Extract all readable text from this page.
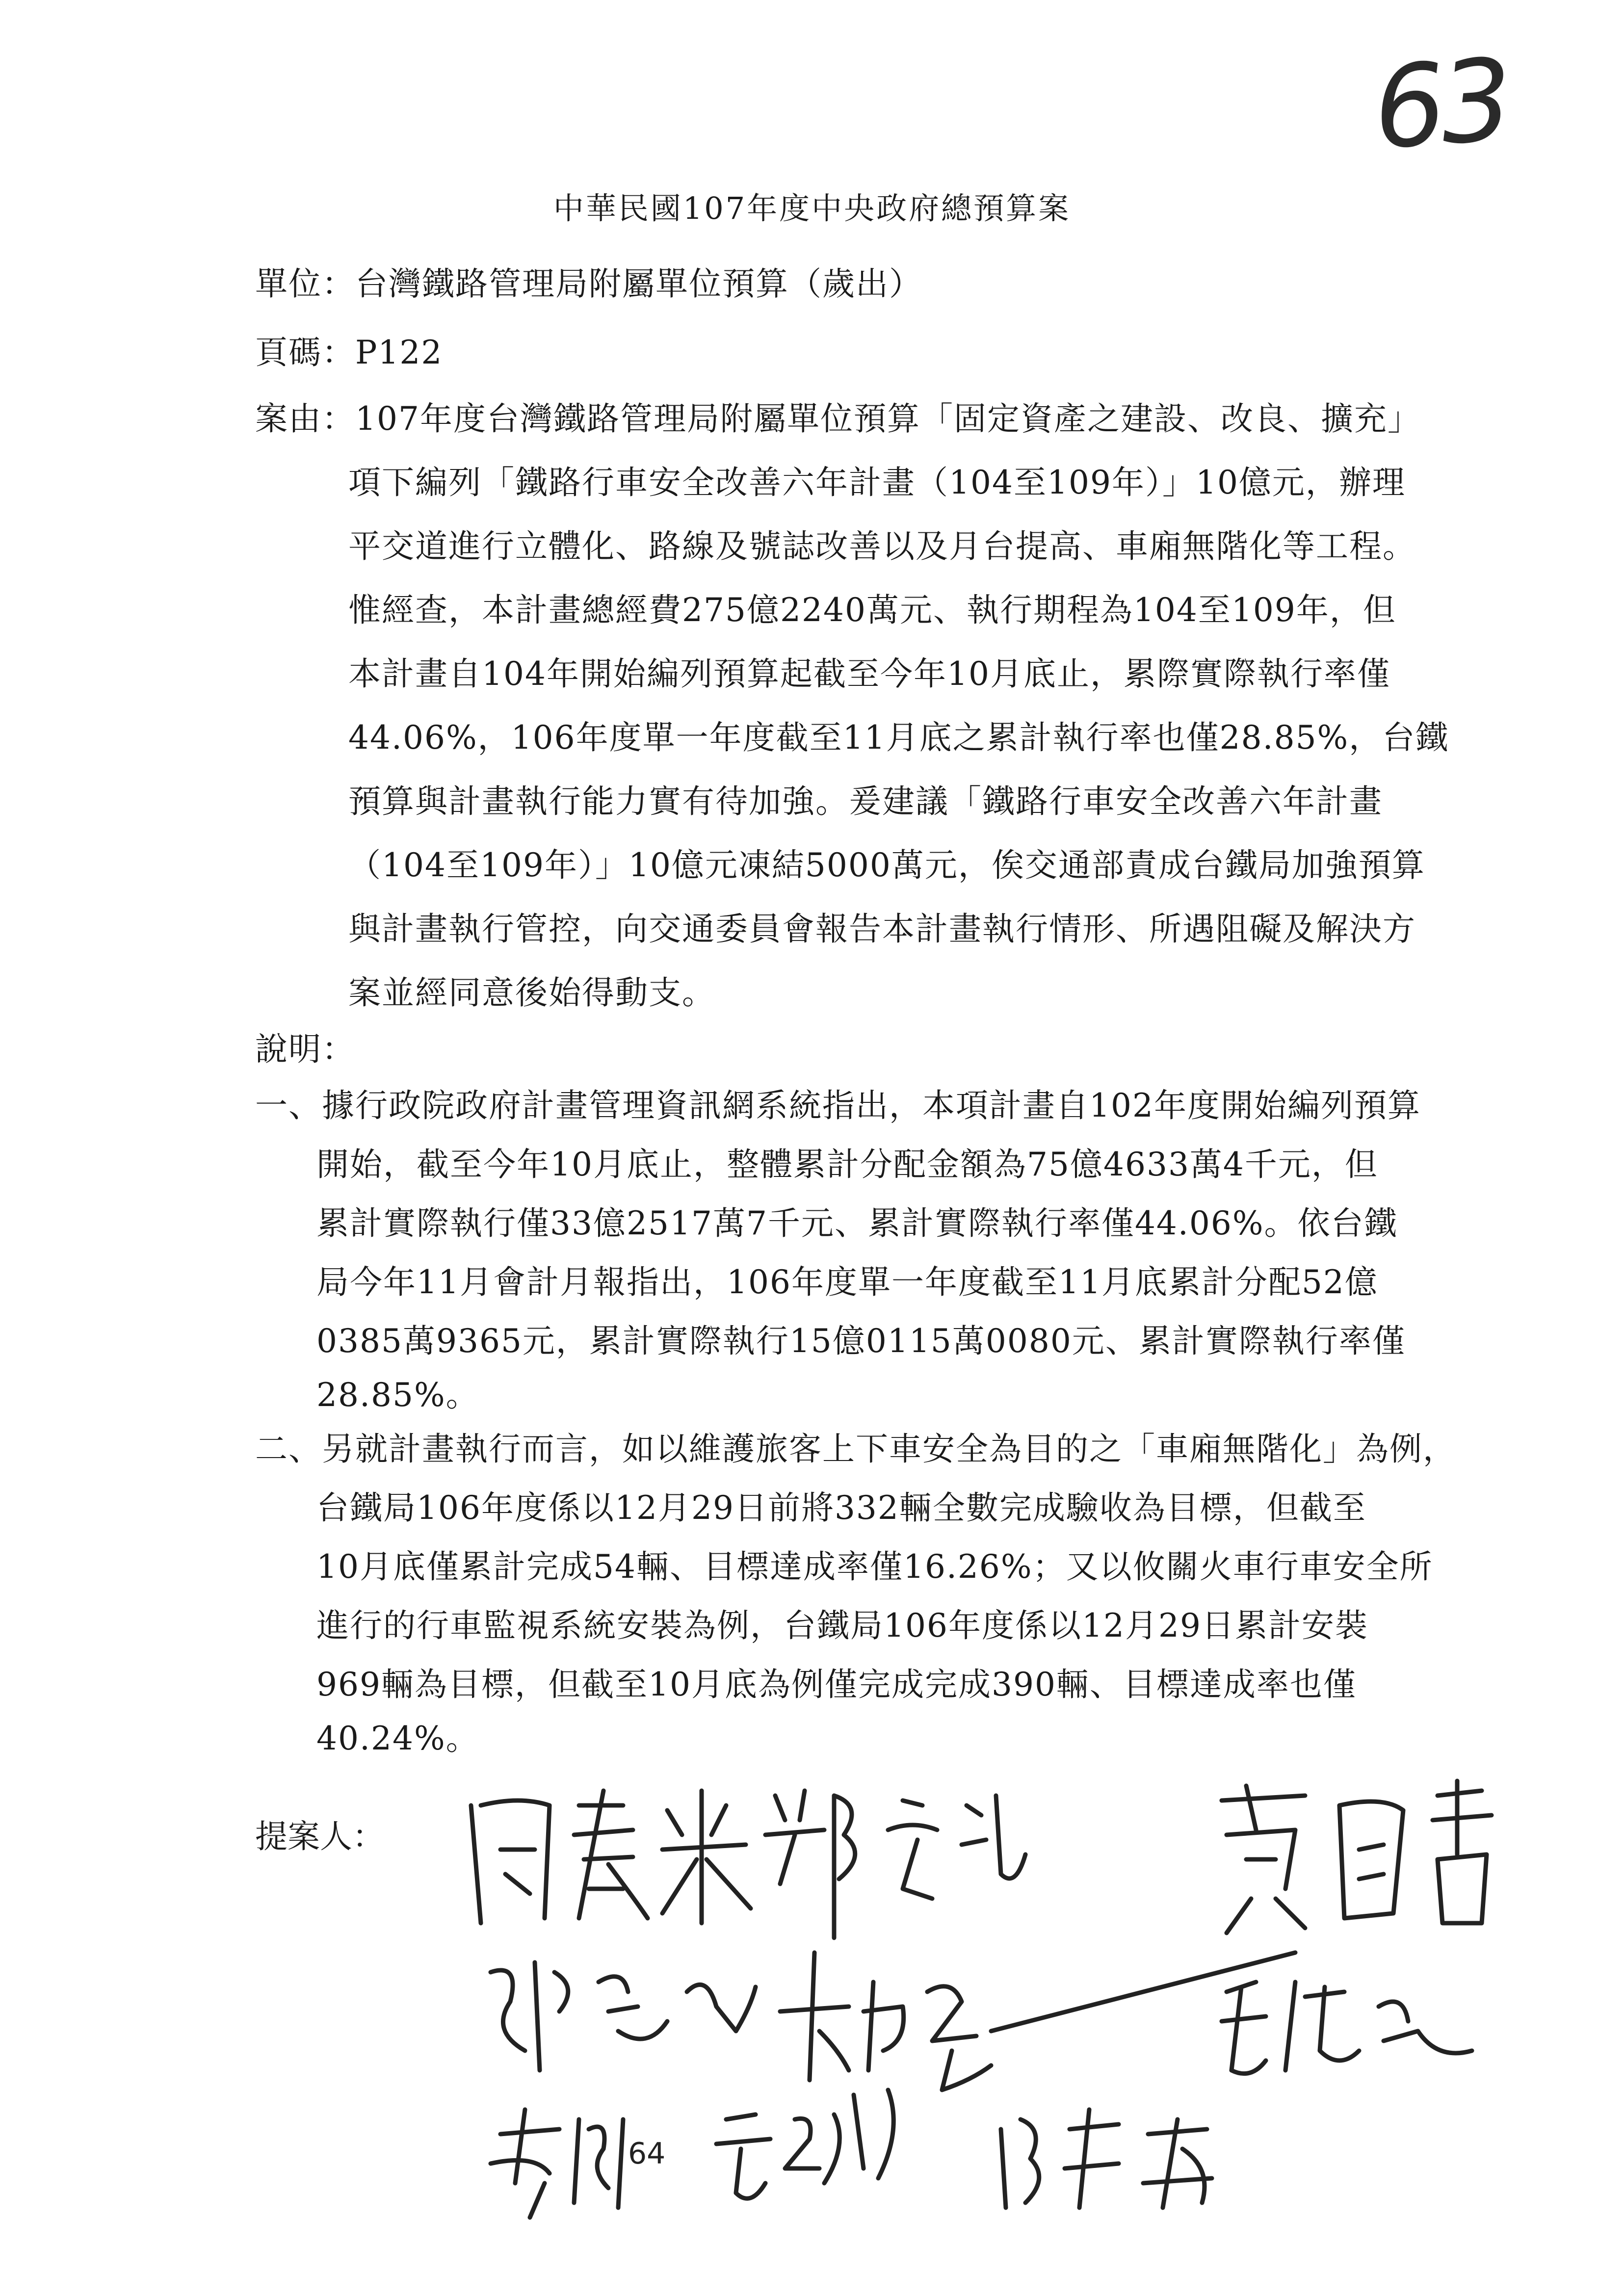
63
中華民國107年度中央政府總預算案
單位：台灣鐵路管理局附屬單位預算（歲出）
頁碼：P122
案由：107年度台灣鐵路管理局附屬單位預算「固定資產之建設、改良、擴充」
項下編列「鐵路行車安全改善六年計畫（104至109年）」10億元，辦理
平交道進行立體化、路線及號誌改善以及月台提高、車廂無階化等工程。
惟經查，本計畫總經費275億2240萬元、執行期程為104至109年，但
本計畫自104年開始編列預算起截至今年10月底止，累際實際執行率僅
44.06%，106年度單一年度截至11月底之累計執行率也僅28.85%，台鐵
預算與計畫執行能力實有待加強。爰建議「鐵路行車安全改善六年計畫
（104至109年）」10億元凍結5000萬元，俟交通部責成台鐵局加強預算
與計畫執行管控，向交通委員會報告本計畫執行情形、所遇阻礙及解決方
案並經同意後始得動支。
說明：
一、據行政院政府計畫管理資訊網系統指出，本項計畫自102年度開始編列預算
開始，截至今年10月底止，整體累計分配金額為75億4633萬4千元，但
累計實際執行僅33億2517萬7千元、累計實際執行率僅44.06%。依台鐵
局今年11月會計月報指出，106年度單一年度截至11月底累計分配52億
0385萬9365元，累計實際執行15億0115萬0080元、累計實際執行率僅
28.85%。
二、另就計畫執行而言，如以維護旅客上下車安全為目的之「車廂無階化」為例，
台鐵局106年度係以12月29日前將332輛全數完成驗收為目標，但截至
10月底僅累計完成54輛、目標達成率僅16.26%；又以攸關火車行車安全所
進行的行車監視系統安裝為例，台鐵局106年度係以12月29日累計安裝
969輛為目標，但截至10月底為例僅完成完成390輛、目標達成率也僅
40.24%。
提案人：
64
